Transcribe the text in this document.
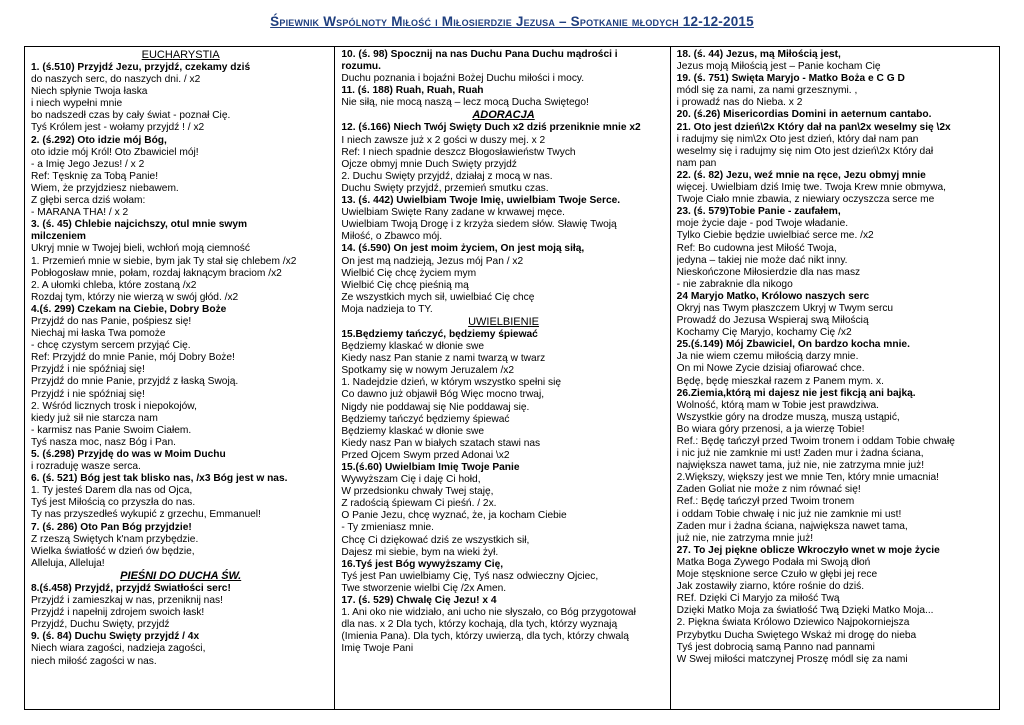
Śpiewnik Wspólnoty Miłość i Miłosierdzie Jezusa – Spotkanie młodych 12-12-2015
EUCHARYSTIA
1. (ś.510) Przyjdź Jezu, przyjdź, czekamy dziś
do naszych serc, do naszych dni. / x2
Niech spłynie Twoja łaska
i niech wypełni mnie
bo nadszedł czas by cały świat - poznał Cię.
Tyś Królem jest - wołamy przyjdź ! / x2
2. (ś.292) Oto idzie mój Bóg,
oto idzie mój Król! Oto Zbawiciel mój!
- a Imię Jego Jezus! / x 2
Ref: Tęsknię za Tobą Panie!
Wiem, że przyjdziesz niebawem.
Z głębi serca dziś wołam:
- MARANA THA! / x 2
3. (ś. 45) Chlebie najcichszy, otul mnie swym
milczeniem
Ukryj mnie w Twojej bieli, wchłoń moją ciemność
1. Przemień mnie w siebie, bym jak Ty stał się chlebem /x2
Pobłogosław mnie, połam, rozdaj łaknącym braciom /x2
2. A ułomki chleba, które zostaną /x2
Rozdaj tym, którzy nie wierzą w swój głód. /x2
4.(ś. 299) Czekam na Ciebie, Dobry Boże
Przyjdź do nas Panie, pośpiesz się!
Niechaj mi łaska Twa pomoże
- chcę czystym sercem przyjąć Cię.
Ref: Przyjdź do mnie Panie, mój Dobry Boże!
Przyjdź i nie spóźniaj się!
Przyjdź do mnie Panie, przyjdź z łaską Swoją.
Przyjdź i nie spóźniaj się!
2. Wśród licznych trosk i niepokojów,
kiedy już sił nie starcza nam
- karmisz nas Panie Swoim Ciałem.
Tyś nasza moc, nasz Bóg i Pan.
5. (ś.298) Przyjdę do was w Moim Duchu
i rozraduję wasze serca.
6. (ś. 521) Bóg jest tak blisko nas, /x3 Bóg jest w nas.
1. Ty jesteś Darem dla nas od Ojca,
Tyś jest Miłością co przyszła do nas.
Ty nas przyszedłeś wykupić z grzechu, Emmanuel!
7. (ś. 286) Oto Pan Bóg przyjdzie!
Z rzeszą Świętych k'nam przybędzie.
Wielka światłość w dzień ów będzie,
Alleluja, Alleluja!
PIEŚNI DO DUCHA ŚW.
8.(ś.458) Przyjdź, przyjdź Światłości serc!
Przyjdź i zamieszkaj w nas, przeniknij nas!
Przyjdź i napełnij zdrojem swoich łask!
Przyjdź, Duchu Święty, przyjdź
9. (ś. 84) Duchu Święty przyjdź / 4x
Niech wiara zagości, nadzieja zagości,
niech miłość zagości w nas.
10. (ś. 98) Spocznij na nas Duchu Pana Duchu mądrości i
rozumu.
Duchu poznania i bojaźni Bożej Duchu miłości i mocy.
11. (ś. 188) Ruah, Ruah, Ruah
Nie siłą, nie mocą naszą – lecz mocą Ducha Świętego!
ADORACJA
12. (ś.166) Niech Twój Święty Duch x2 dziś przeniknie mnie x2
I niech zawsze już x 2 gości w duszy mej. x 2
Ref: I niech spadnie deszcz Błogosławieństw Twych
Ojcze obmyj mnie Duch Święty przyjdź
2. Duchu Święty przyjdź, działaj z mocą w nas.
Duchu Święty przyjdź, przemień smutku czas.
13. (ś. 442) Uwielbiam Twoje Imię, uwielbiam Twoje Serce.
Uwielbiam Święte Rany zadane w krwawej męce.
Uwielbiam Twoją Drogę i z krzyża siedem słów. Sławię Twoją
Miłość, o Zbawco mój.
14. (ś.590) On jest moim życiem, On jest moją siłą,
On jest mą nadzieją, Jezus mój Pan / x2
Wielbić Cię chcę życiem mym
Wielbić Cię chcę pieśnią mą
Ze wszystkich mych sił, uwielbiać Cię chcę
Moja nadzieja to TY.
UWIELBIENIE
15.Będziemy tańczyć, będziemy śpiewać
Będziemy klaskać w dłonie swe
Kiedy nasz Pan stanie z nami twarzą w twarz
Spotkamy się w nowym Jeruzalem /x2
1. Nadejdzie dzień, w którym wszystko spełni się
Co dawno już objawił Bóg Więc mocno trwaj,
Nigdy nie poddawaj się Nie poddawaj się.
Będziemy tańczyć będziemy śpiewać
Będziemy klaskać w dłonie swe
Kiedy nasz Pan w białych szatach stawi nas
Przed Ojcem Swym przed Adonai \x2
15.(ś.60) Uwielbiam Imię Twoje Panie
Wywyższam Cię i daję Ci hołd,
W przedsionku chwały Twej staję,
Z radością śpiewam Ci pieśń. / 2x.
O Panie Jezu, chcę wyznać, że, ja kocham Ciebie
- Ty zmieniasz mnie.
Chcę Ci dziękować dziś ze wszystkich sił,
Dajesz mi siebie, bym na wieki żył.
16.Tyś jest Bóg wywyższamy Cię,
Tyś jest Pan uwielbiamy Cię, Tyś nasz odwieczny Ojciec,
Twe stworzenie wielbi Cię /2x Amen.
17. (ś. 529) Chwalę Cię Jezu! x 4
1. Ani oko nie widziało, ani ucho nie słyszało, co Bóg przygotował
dla nas. x 2 Dla tych, którzy kochają, dla tych, którzy wyznają
(Imienia Pana). Dla tych, którzy uwierzą, dla tych, którzy chwalą
Imię Twoje Pani
18. (ś. 44) Jezus, mą Miłością jest,
Jezus moją Miłością jest – Panie kocham Cię
19. (ś. 751) Święta Maryjo - Matko Boża e C G D
módl się za nami, za nami grzesznymi. ,
i prowadź nas do Nieba. x 2
20. (ś.26) Misericordias Domini in aeternum cantabo.
21. Oto jest dzień\2x Który dał na pan\2x weselmy się \2x
i radujmy się nim\2x Oto jest dzień, który dał nam pan
weselmy się i radujmy się nim Oto jest dzień\2x Który dał
nam pan
22. (ś. 82) Jezu, weź mnie na ręce, Jezu obmyj mnie
więcej. Uwielbiam dziś Imię twe. Twoja Krew mnie obmywa,
Twoje Ciało mnie zbawia, z niewiary oczyszcza serce me
23. (ś. 579)Tobie Panie - zaufałem,
moje życie daje - pod Twoje władanie.
Tylko Ciebie będzie uwielbiać serce me. /x2
Ref: Bo cudowna jest Miłość Twoja,
jedyna – takiej nie może dać nikt inny.
Nieskończone Miłosierdzie dla nas masz
- nie zabraknie dla nikogo
24 Maryjo Matko, Królowo naszych serc
Okryj nas Twym płaszczem Ukryj w Twym sercu
Prowadź do Jezusa Wspieraj swą Miłością
Kochamy Cię Maryjo, kochamy Cię /x2
25.(ś.149) Mój Zbawiciel, On bardzo kocha mnie.
Ja nie wiem czemu miłością darzy mnie.
On mi Nowe Życie dzisiaj ofiarować chce.
Będę, będę mieszkał razem z Panem mym. x.
26.Ziemia,którą mi dajesz nie jest fikcją ani bajką.
Wolność, którą mam w Tobie jest prawdziwa.
Wszystkie góry na drodze muszą, muszą ustąpić,
Bo wiara góry przenosi, a ja wierzę Tobie!
Ref.: Będę tańczył przed Twoim tronem i oddam Tobie chwałę
i nic już nie zamknie mi ust! Żaden mur i żadna ściana,
największa nawet tama, już nie, nie zatrzyma mnie już!
2.Większy, większy jest we mnie Ten, który mnie umacnia!
Żaden Goliat nie może z nim równać się!
Ref.: Będę tańczył przed Twoim tronem
i oddam Tobie chwałę i nic już nie zamknie mi ust!
Żaden mur i żadna ściana, największa nawet tama,
już nie, nie zatrzyma mnie już!
27. To Jej piękne oblicze Wkroczyło wnet w moje życie
Matka Boga Żywego Podała mi Swoją dłoń
Moje stęsknione serce Czuło w głębi jej rece
Jak zostawiły ziarno, które rośnie do dziś.
REf. Dzięki Ci Maryjo za miłość Twą
Dzięki Matko Moja za światłość Twą Dzięki Matko Moja...
2. Piękna świata Królowo Dziewico Najpokorniejsza
Przybytku Ducha Świętego Wskaż mi drogę do nieba
Tyś jest dobrocią samą Panno nad pannami
W Swej miłości matczynej Proszę módl się za nami
